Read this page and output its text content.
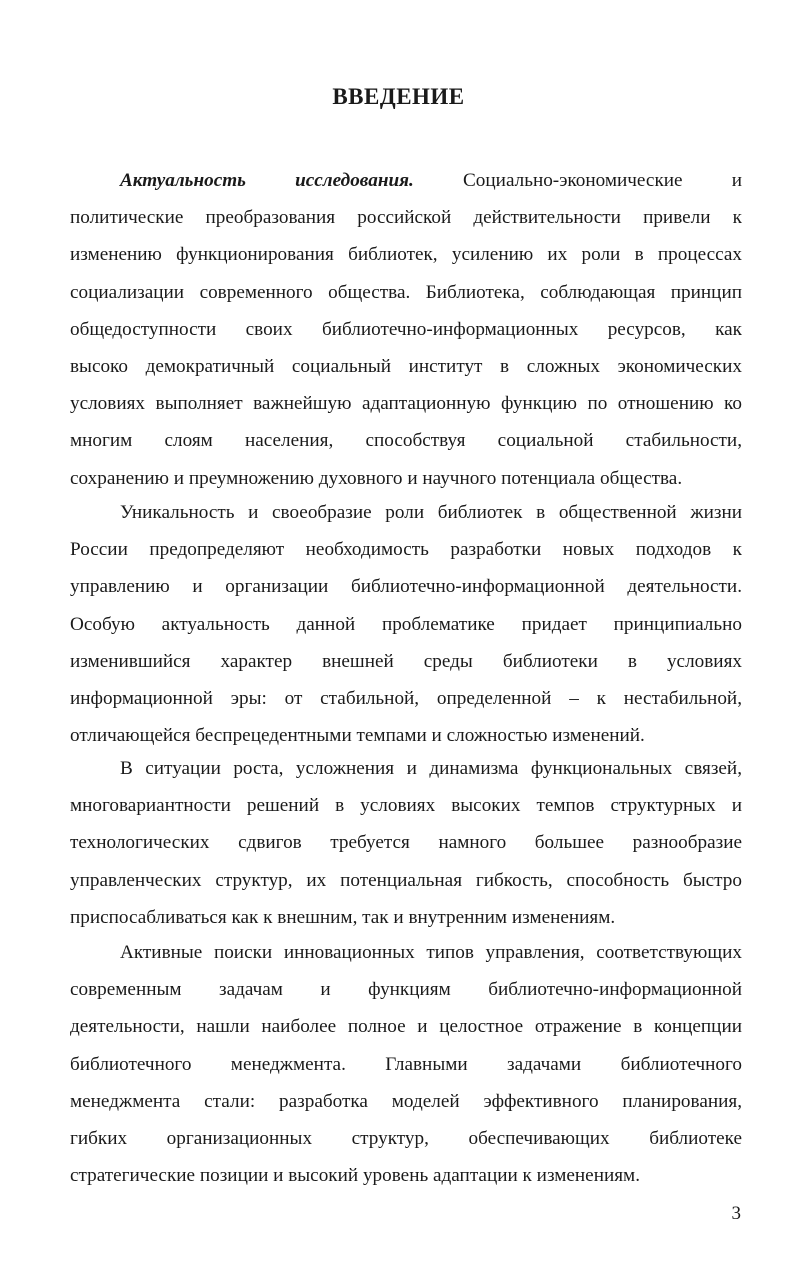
ВВЕДЕНИЕ
Актуальность исследования. Социально-экономические и
политические преобразования российской действительности привели к
изменению функционирования библиотек, усилению их роли в процессах
социализации современного общества. Библиотека, соблюдающая принцип
общедоступности своих библиотечно-информационных ресурсов, как
высоко демократичный социальный институт в сложных экономических
условиях выполняет важнейшую адаптационную функцию по отношению ко
многим слоям населения, способствуя социальной стабильности,
сохранению и преумножению духовного и научного потенциала общества.
Уникальность и своеобразие роли библиотек в общественной жизни
России предопределяют необходимость разработки новых подходов к
управлению и организации библиотечно-информационной деятельности.
Особую актуальность данной проблематике придает принципиально
изменившийся характер внешней среды библиотеки в условиях
информационной эры: от стабильной, определенной – к нестабильной,
отличающейся беспрецедентными темпами и сложностью изменений.
В ситуации роста, усложнения и динамизма функциональных связей,
многовариантности решений в условиях высоких темпов структурных и
технологических сдвигов требуется намного большее разнообразие
управленческих структур, их потенциальная гибкость, способность быстро
приспосабливаться как к внешним, так и внутренним изменениям.
Активные поиски инновационных типов управления, соответствующих
современным задачам и функциям библиотечно-информационной
деятельности, нашли наиболее полное и целостное отражение в концепции
библиотечного менеджмента. Главными задачами библиотечного
менеджмента стали: разработка моделей эффективного планирования,
гибких организационных структур, обеспечивающих библиотеке
стратегические позиции и высокий уровень адаптации к изменениям.
3
